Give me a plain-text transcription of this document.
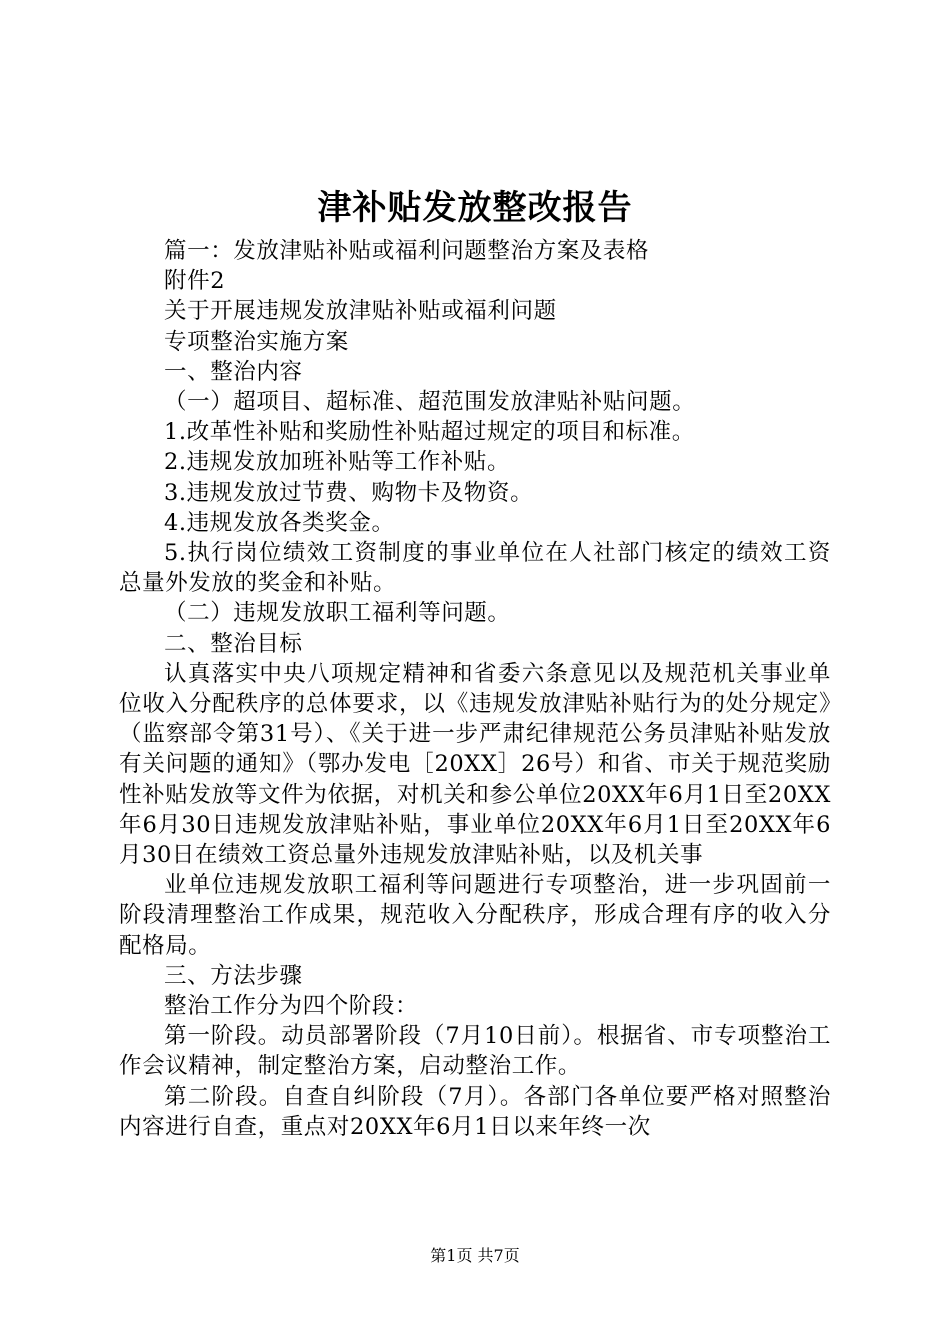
津补贴发放整改报告

篇一：发放津贴补贴或福利问题整治方案及表格

附件2

关于开展违规发放津贴补贴或福利问题

专项整治实施方案

一、整治内容

（一）超项目、超标准、超范围发放津贴补贴问题。

1.改革性补贴和奖励性补贴超过规定的项目和标准。

2.违规发放加班补贴等工作补贴。

3.违规发放过节费、购物卡及物资。

4.违规发放各类奖金。

5.执行岗位绩效工资制度的事业单位在人社部门核定的绩效工资总量外发放的奖金和补贴。

（二）违规发放职工福利等问题。

二、整治目标

认真落实中央八项规定精神和省委六条意见以及规范机关事业单位收入分配秩序的总体要求，以《违规发放津贴补贴行为的处分规定》（监察部令第31号）、《关于进一步严肃纪律规范公务员津贴补贴发放有关问题的通知》（鄂办发电［20XX］26号）和省、市关于规范奖励性补贴发放等文件为依据，对机关和参公单位20XX年6月1日至20XX年6月30日违规发放津贴补贴，事业单位20XX年6月1日至20XX年6月30日在绩效工资总量外违规发放津贴补贴，以及机关事

业单位违规发放职工福利等问题进行专项整治，进一步巩固前一阶段清理整治工作成果，规范收入分配秩序，形成合理有序的收入分配格局。

三、方法步骤

整治工作分为四个阶段：

第一阶段。动员部署阶段（7月10日前）。根据省、市专项整治工作会议精神，制定整治方案，启动整治工作。

第二阶段。自查自纠阶段（7月）。各部门各单位要严格对照整治内容进行自查，重点对20XX年6月1日以来年终一次

第1页 共7页
